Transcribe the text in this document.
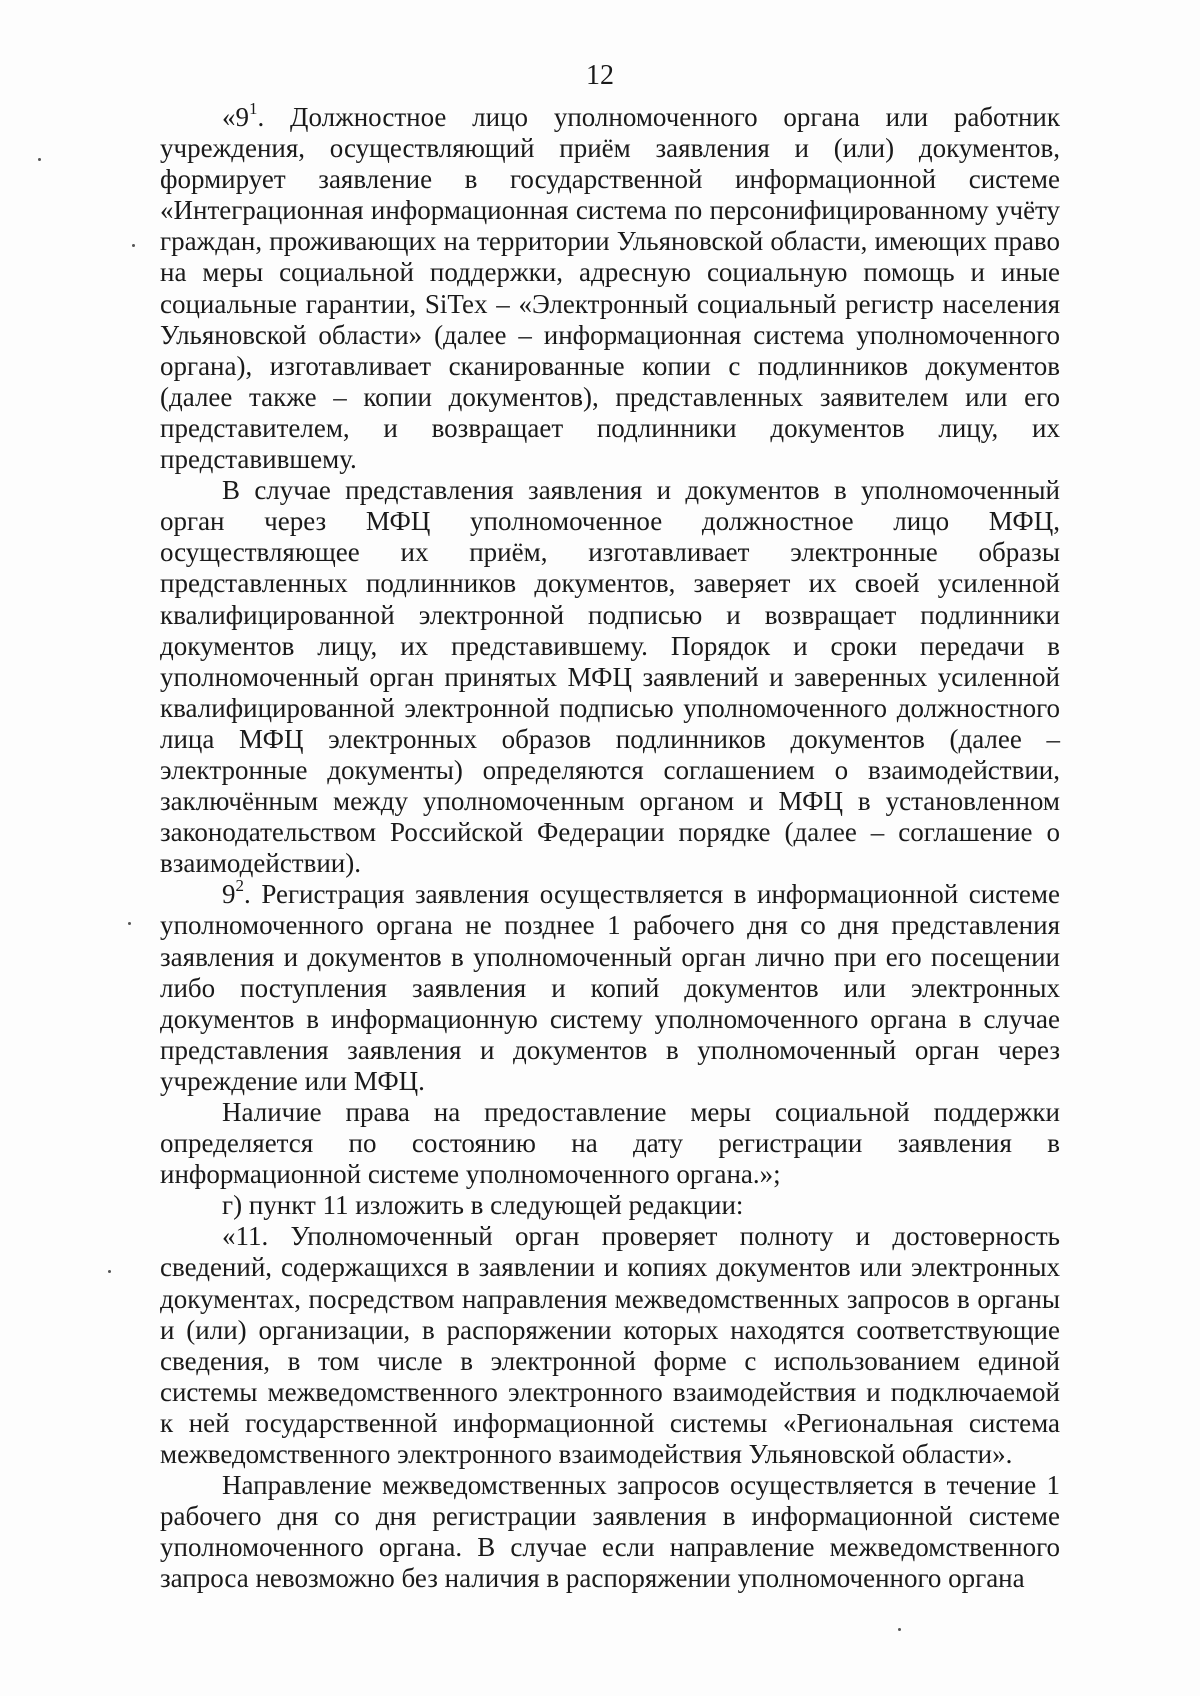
12

«$9^1$. Должностное лицо уполномоченного органа или работник учреждения, осуществляющий приём заявления и (или) документов, формирует заявление в государственной информационной системе «Интеграционная информационная система по персонифицированному учёту граждан, проживающих на территории Ульяновской области, имеющих право на меры социальной поддержки, адресную социальную помощь и иные социальные гарантии, SiTex – «Электронный социальный регистр населения Ульяновской области» (далее – информационная система уполномоченного органа), изготавливает сканированные копии с подлинников документов (далее также – копии документов), представленных заявителем или его представителем, и возвращает подлинники документов лицу, их представившему.

В случае представления заявления и документов в уполномоченный орган через МФЦ уполномоченное должностное лицо МФЦ, осуществляющее их приём, изготавливает электронные образы представленных подлинников документов, заверяет их своей усиленной квалифицированной электронной подписью и возвращает подлинники документов лицу, их представившему. Порядок и сроки передачи в уполномоченный орган принятых МФЦ заявлений и заверенных усиленной квалифицированной электронной подписью уполномоченного должностного лица МФЦ электронных образов подлинников документов (далее – электронные документы) определяются соглашением о взаимодействии, заключённым между уполномоченным органом и МФЦ в установленном законодательством Российской Федерации порядке (далее – соглашение о взаимодействии).

$9^2$. Регистрация заявления осуществляется в информационной системе уполномоченного органа не позднее 1 рабочего дня со дня представления заявления и документов в уполномоченный орган лично при его посещении либо поступления заявления и копий документов или электронных документов в информационную систему уполномоченного органа в случае представления заявления и документов в уполномоченный орган через учреждение или МФЦ.

Наличие права на предоставление меры социальной поддержки определяется по состоянию на дату регистрации заявления в информационной системе уполномоченного органа.»;

г) пункт 11 изложить в следующей редакции:

«11. Уполномоченный орган проверяет полноту и достоверность сведений, содержащихся в заявлении и копиях документов или электронных документах, посредством направления межведомственных запросов в органы и (или) организации, в распоряжении которых находятся соответствующие сведения, в том числе в электронной форме с использованием единой системы межведомственного электронного взаимодействия и подключаемой к ней государственной информационной системы «Региональная система межведомственного электронного взаимодействия Ульяновской области».

Направление межведомственных запросов осуществляется в течение 1 рабочего дня со дня регистрации заявления в информационной системе уполномоченного органа. В случае если направление межведомственного запроса невозможно без наличия в распоряжении уполномоченного органа
